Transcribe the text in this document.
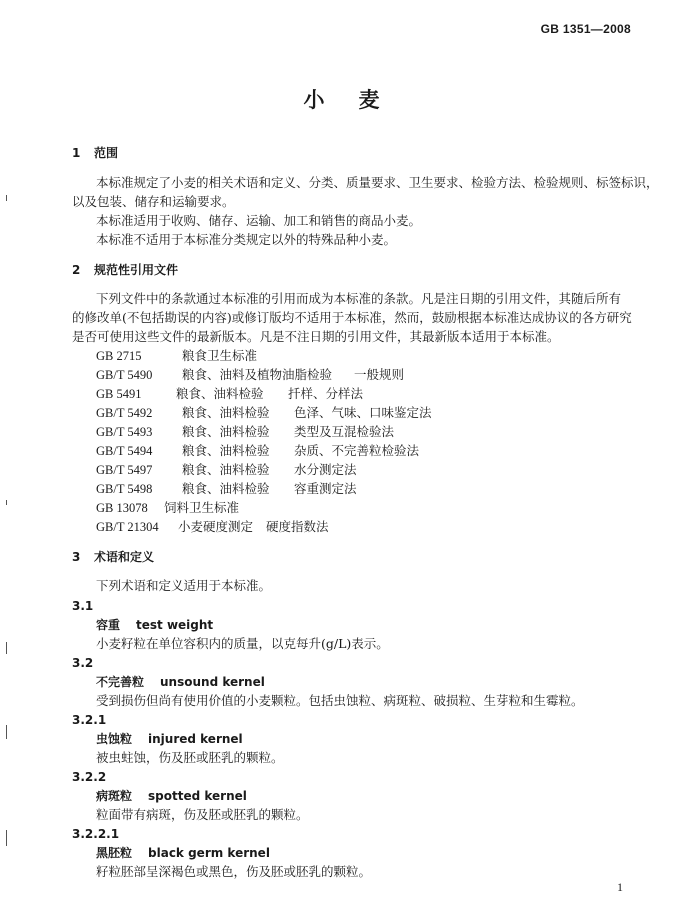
GB 1351—2008
小麦
1 范围
本标准规定了小麦的相关术语和定义、分类、质量要求、卫生要求、检验方法、检验规则、标签标识，
以及包装、储存和运输要求。
本标准适用于收购、储存、运输、加工和销售的商品小麦。
本标准不适用于本标准分类规定以外的特殊品种小麦。
2 规范性引用文件
下列文件中的条款通过本标准的引用而成为本标准的条款。凡是注日期的引用文件，其随后所有
的修改单(不包括勘误的内容)或修订版均不适用于本标准，然而，鼓励根据本标准达成协议的各方研究
是否可使用这些文件的最新版本。凡是不注日期的引用文件，其最新版本适用于本标准。
GB 2715	粮食卫生标准
GB/T 5490 粮食、油料及植物油脂检验 一般规则
GB 5491	粮食、油料检验 扦样、分样法
GB/T 5492 粮食、油料检验 色泽、气味、口味鉴定法
GB/T 5493 粮食、油料检验 类型及互混检验法
GB/T 5494 粮食、油料检验 杂质、不完善粒检验法
GB/T 5497 粮食、油料检验 水分测定法
GB/T 5498 粮食、油料检验 容重测定法
GB 13078 饲料卫生标准
GB/T 21304 小麦硬度测定 硬度指数法
3 术语和定义
下列术语和定义适用于本标准。
3.1
容重 test weight
小麦籽粒在单位容积内的质量，以克每升(g/L)表示。
3.2
不完善粒 unsound kernel
受到损伤但尚有使用价值的小麦颗粒。包括虫蚀粒、病斑粒、破损粒、生芽粒和生霉粒。
3.2.1
虫蚀粒 injured kernel
被虫蛀蚀，伤及胚或胚乳的颗粒。
3.2.2
病斑粒 spotted kernel
粒面带有病斑，伤及胚或胚乳的颗粒。
3.2.2.1
黑胚粒 black germ kernel
籽粒胚部呈深褐色或黑色，伤及胚或胚乳的颗粒。
1
